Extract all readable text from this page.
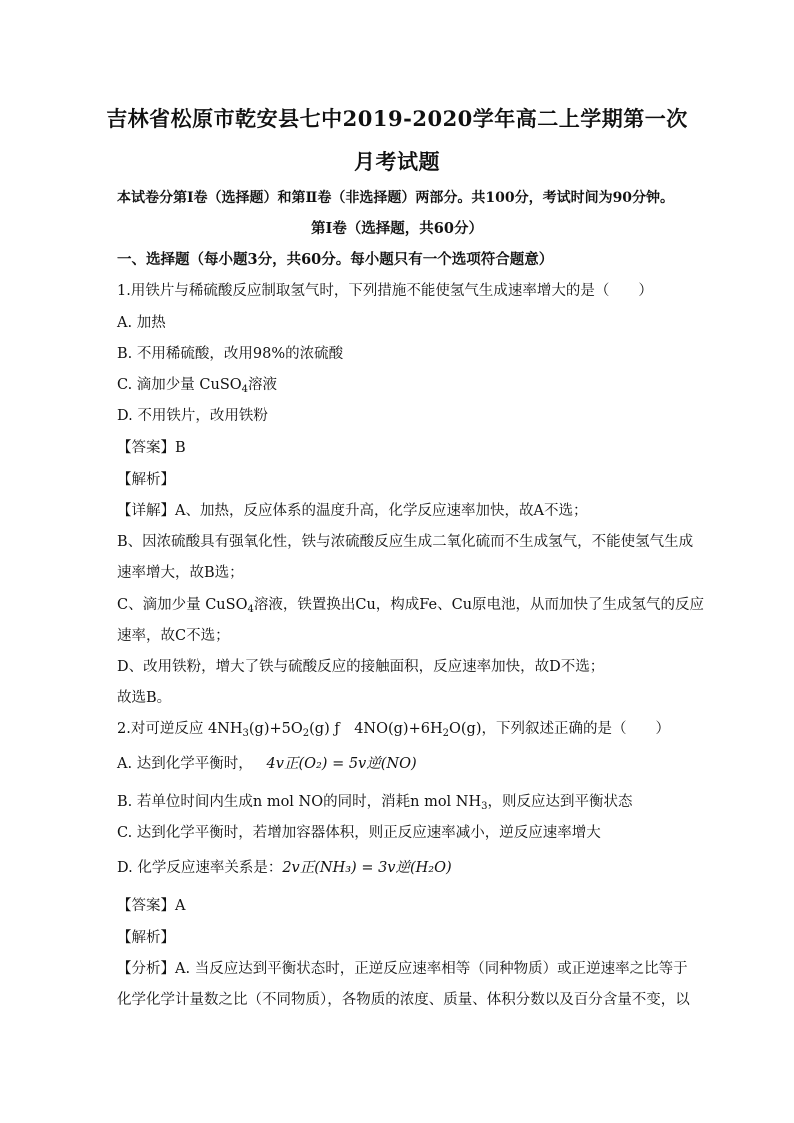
吉林省松原市乾安县七中2019-2020学年高二上学期第一次
月考试题
本试卷分第Ⅰ卷（选择题）和第Ⅱ卷（非选择题）两部分。共100分，考试时间为90分钟。
第Ⅰ卷（选择题，共60分）
一、选择题（每小题3分，共60分。每小题只有一个选项符合题意）
1.用铁片与稀硫酸反应制取氢气时，下列措施不能使氢气生成速率增大的是（　　）
A. 加热
B. 不用稀硫酸，改用98%的浓硫酸
C. 滴加少量 CuSO$_4$溶液
D. 不用铁片，改用铁粉
【答案】B
【解析】
【详解】A、加热，反应体系的温度升高，化学反应速率加快，故A不选；
B、因浓硫酸具有强氧化性，铁与浓硫酸反应生成二氧化硫而不生成氢气，不能使氢气生成
速率增大，故B选；
C、滴加少量 CuSO$_4$溶液，铁置换出Cu，构成Fe、Cu原电池，从而加快了生成氢气的反应
速率，故C不选；
D、改用铁粉，增大了铁与硫酸反应的接触面积，反应速率加快，故D不选；
故选B。
2.对可逆反应 $4NH_3(g)+5O_2(g)$ ƒ　$4NO(g)+6H_2O(g)$，下列叙述正确的是（　　）
A. 达到化学平衡时， 4v正(O₂) = 5v逆(NO)
B. 若单位时间内生成n mol NO的同时，消耗n mol $NH_3$，则反应达到平衡状态
C. 达到化学平衡时，若增加容器体积，则正反应速率减小，逆反应速率增大
D. 化学反应速率关系是：2v正(NH₃) = 3v逆(H₂O)
【答案】A
【解析】
【分析】A. 当反应达到平衡状态时，正逆反应速率相等（同种物质）或正逆速率之比等于
化学化学计量数之比（不同物质），各物质的浓度、质量、体积分数以及百分含量不变，以
